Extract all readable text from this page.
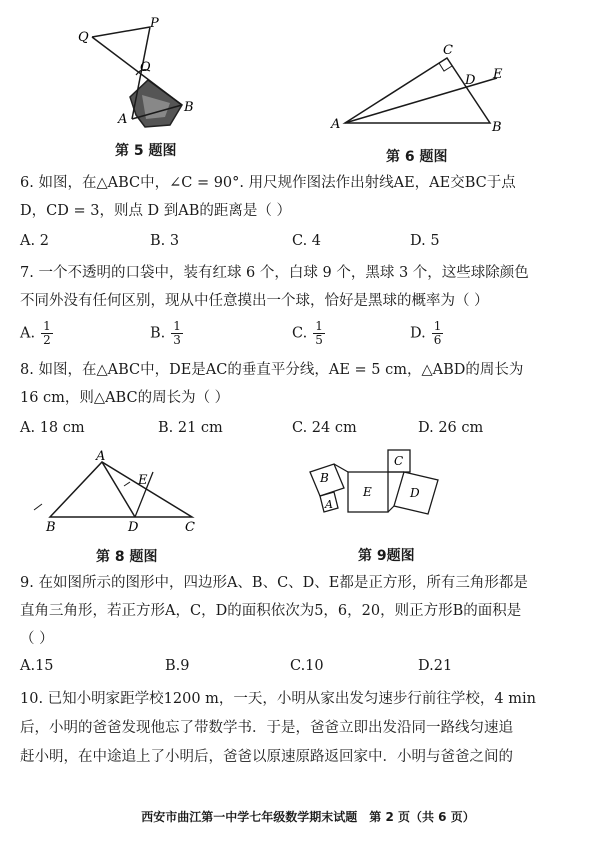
Q
P
O
A
B
第 5 题图
C
D E
A	B
第 6 题图
6. 如图，在△ABC中，∠C = 90°. 用尺规作图法作出射线AE，AE交BC于点
D，CD = 3，则点 D 到AB的距离是（ ）
A. 2	B. 3	C. 4	D. 5
7. 一个不透明的口袋中，装有红球 6 个，白球 9 个，黑球 3 个，这些球除颜色
不同外没有任何区别，现从中任意摸出一个球，恰好是黑球的概率为（ ）
A. $\frac{1}{2}$	B. $\frac{1}{3}$	C. $\frac{1}{5}$	D. $\frac{1}{6}$
8. 如图，在△ABC中，DE是AC的垂直平分线，AE = 5 cm，△ABD的周长为
16 cm，则△ABC的周长为（ ）
A. 18 cm	B. 21 cm	C. 24 cm	D. 26 cm
A
E
B	D	C
第 8 题图
B
E
C
D
A
第 9题图
9. 在如图所示的图形中，四边形A、B、C、D、E都是正方形，所有三角形都是
直角三角形，若正方形A，C，D的面积依次为5，6，20，则正方形B的面积是
（ ）
A.15	B.9	C.10	D.21
10. 已知小明家距学校1200 m，一天，小明从家出发匀速步行前往学校，4 min
后，小明的爸爸发现他忘了带数学书．于是，爸爸立即出发沿同一路线匀速追
赶小明，在中途追上了小明后，爸爸以原速原路返回家中．小明与爸爸之间的
西安市曲江第一中学七年级数学期末试题　第 2 页（共 6 页）
